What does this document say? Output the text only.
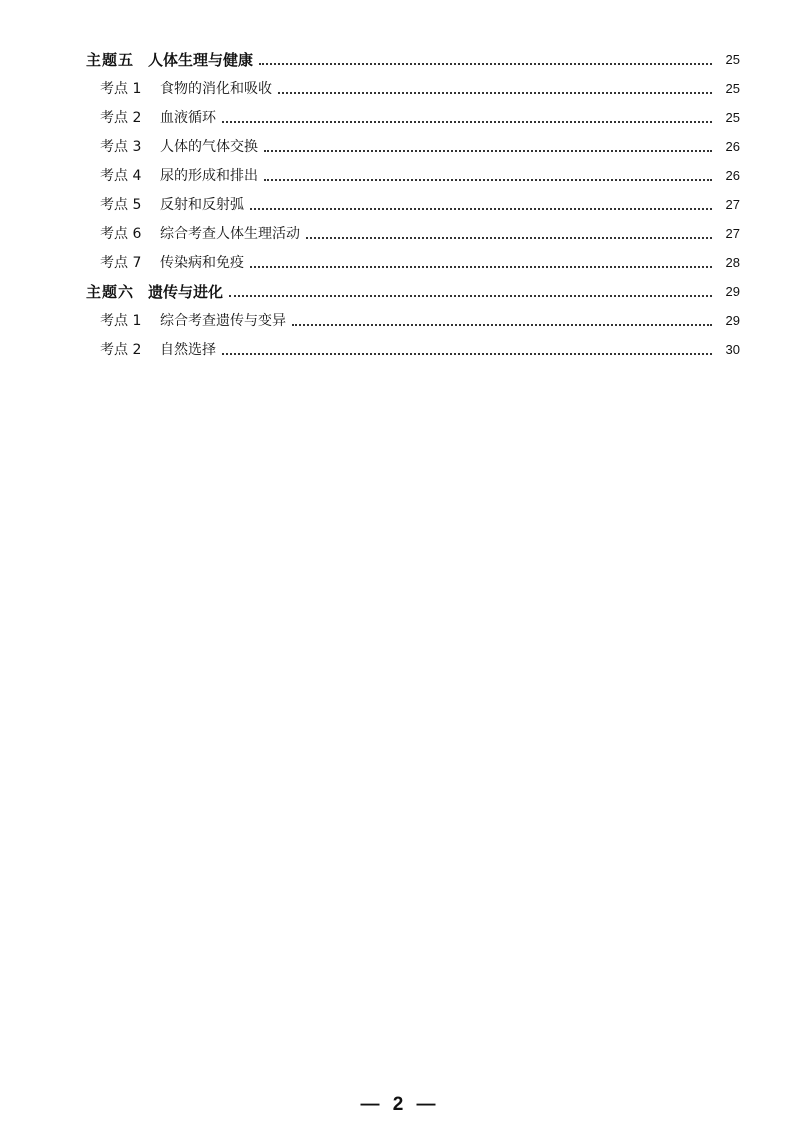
主题五 人体生理与健康	25
考点 1	食物的消化和吸收	25
考点 2	血液循环	25
考点 3	人体的气体交换	26
考点 4	尿的形成和排出	26
考点 5	反射和反射弧	27
考点 6	综合考查人体生理活动	27
考点 7	传染病和免疫	28
主题六 遗传与进化	29
考点 1	综合考查遗传与变异	29
考点 2	自然选择	30
— 2 —
